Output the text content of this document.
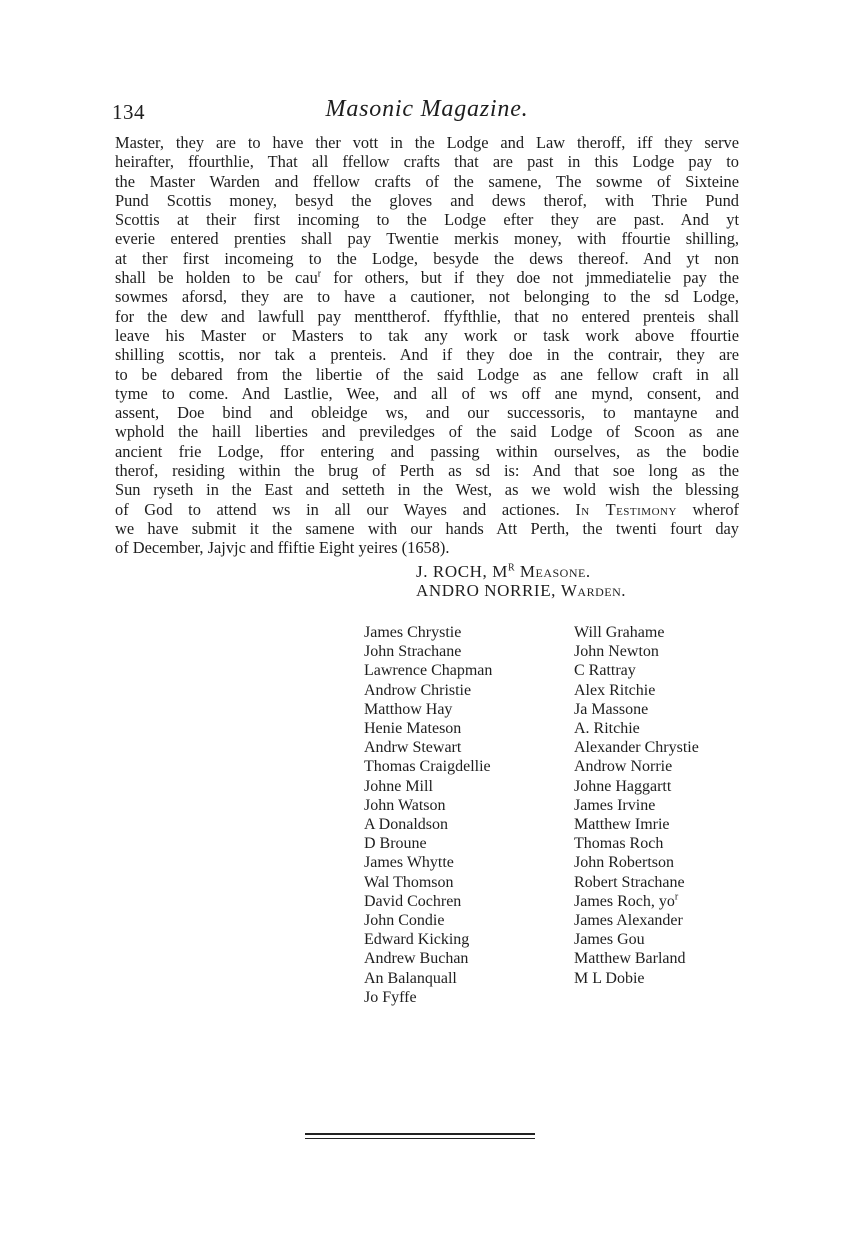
134	Masonic Magazine.
Master, they are to have ther vott in the Lodge and Law theroff, iff they serve
heirafter, ffourthlie, That all ffellow crafts that are past in this Lodge pay to
the Master Warden and ffellow crafts of the samene, The sowme of Sixteine
Pund Scottis money, besyd the gloves and dews therof, with Thrie Pund
Scottis at their first incoming to the Lodge efter they are past. And yt
everie entered prenties shall pay Twentie merkis money, with ffourtie shilling,
at ther first incomeing to the Lodge, besyde the dews thereof. And yt non
shall be holden to be cau$^r$ for others, but if they doe not jmmediatelie pay the
sowmes aforsd, they are to have a cautioner, not belonging to the sd Lodge,
for the dew and lawfull pay menttherof. ffyfthlie, that no entered prenteis shall
leave his Master or Masters to tak any work or task work above ffourtie
shilling scottis, nor tak a prenteis. And if they doe in the contrair, they are
to be debared from the libertie of the said Lodge as ane fellow craft in all
tyme to come. And Lastlie, Wee, and all of ws off ane mynd, consent, and
assent, Doe bind and obleidge ws, and our successoris, to mantayne and
wphold the haill liberties and previledges of the said Lodge of Scoon as ane
ancient frie Lodge, ffor entering and passing within ourselves, as the bodie
therof, residing within the brug of Perth as sd is: And that soe long as the
Sun ryseth in the East and setteth in the West, as we wold wish the blessing
of God to attend ws in all our Wayes and actiones. In Testimony wherof
we have submit it the samene with our hands Att Perth, the twenti fourt day
of December, Jajvjc and ffiftie Eight yeires (1658).
J. ROCH, $M^R$ Measone.
ANDRO NORRIE, Warden.
James Chrystie
John Strachane
Lawrence Chapman
Androw Christie
Matthow Hay
Henie Mateson
Andrw Stewart
Thomas Craigdellie
Johne Mill
John Watson
A Donaldson
D Broune
James Whytte
Wal Thomson
David Cochren
John Condie
Edward Kicking
Andrew Buchan
An Balanquall
Jo Fyffe
Will Grahame
John Newton
C Rattray
Alex Ritchie
Ja Massone
A. Ritchie
Alexander Chrystie
Androw Norrie
Johne Haggartt
James Irvine
Matthew Imrie
Thomas Roch
John Robertson
Robert Strachane
James Roch, $yo^r$
James Alexander
James Gou
Matthew Barland
M L Dobie
